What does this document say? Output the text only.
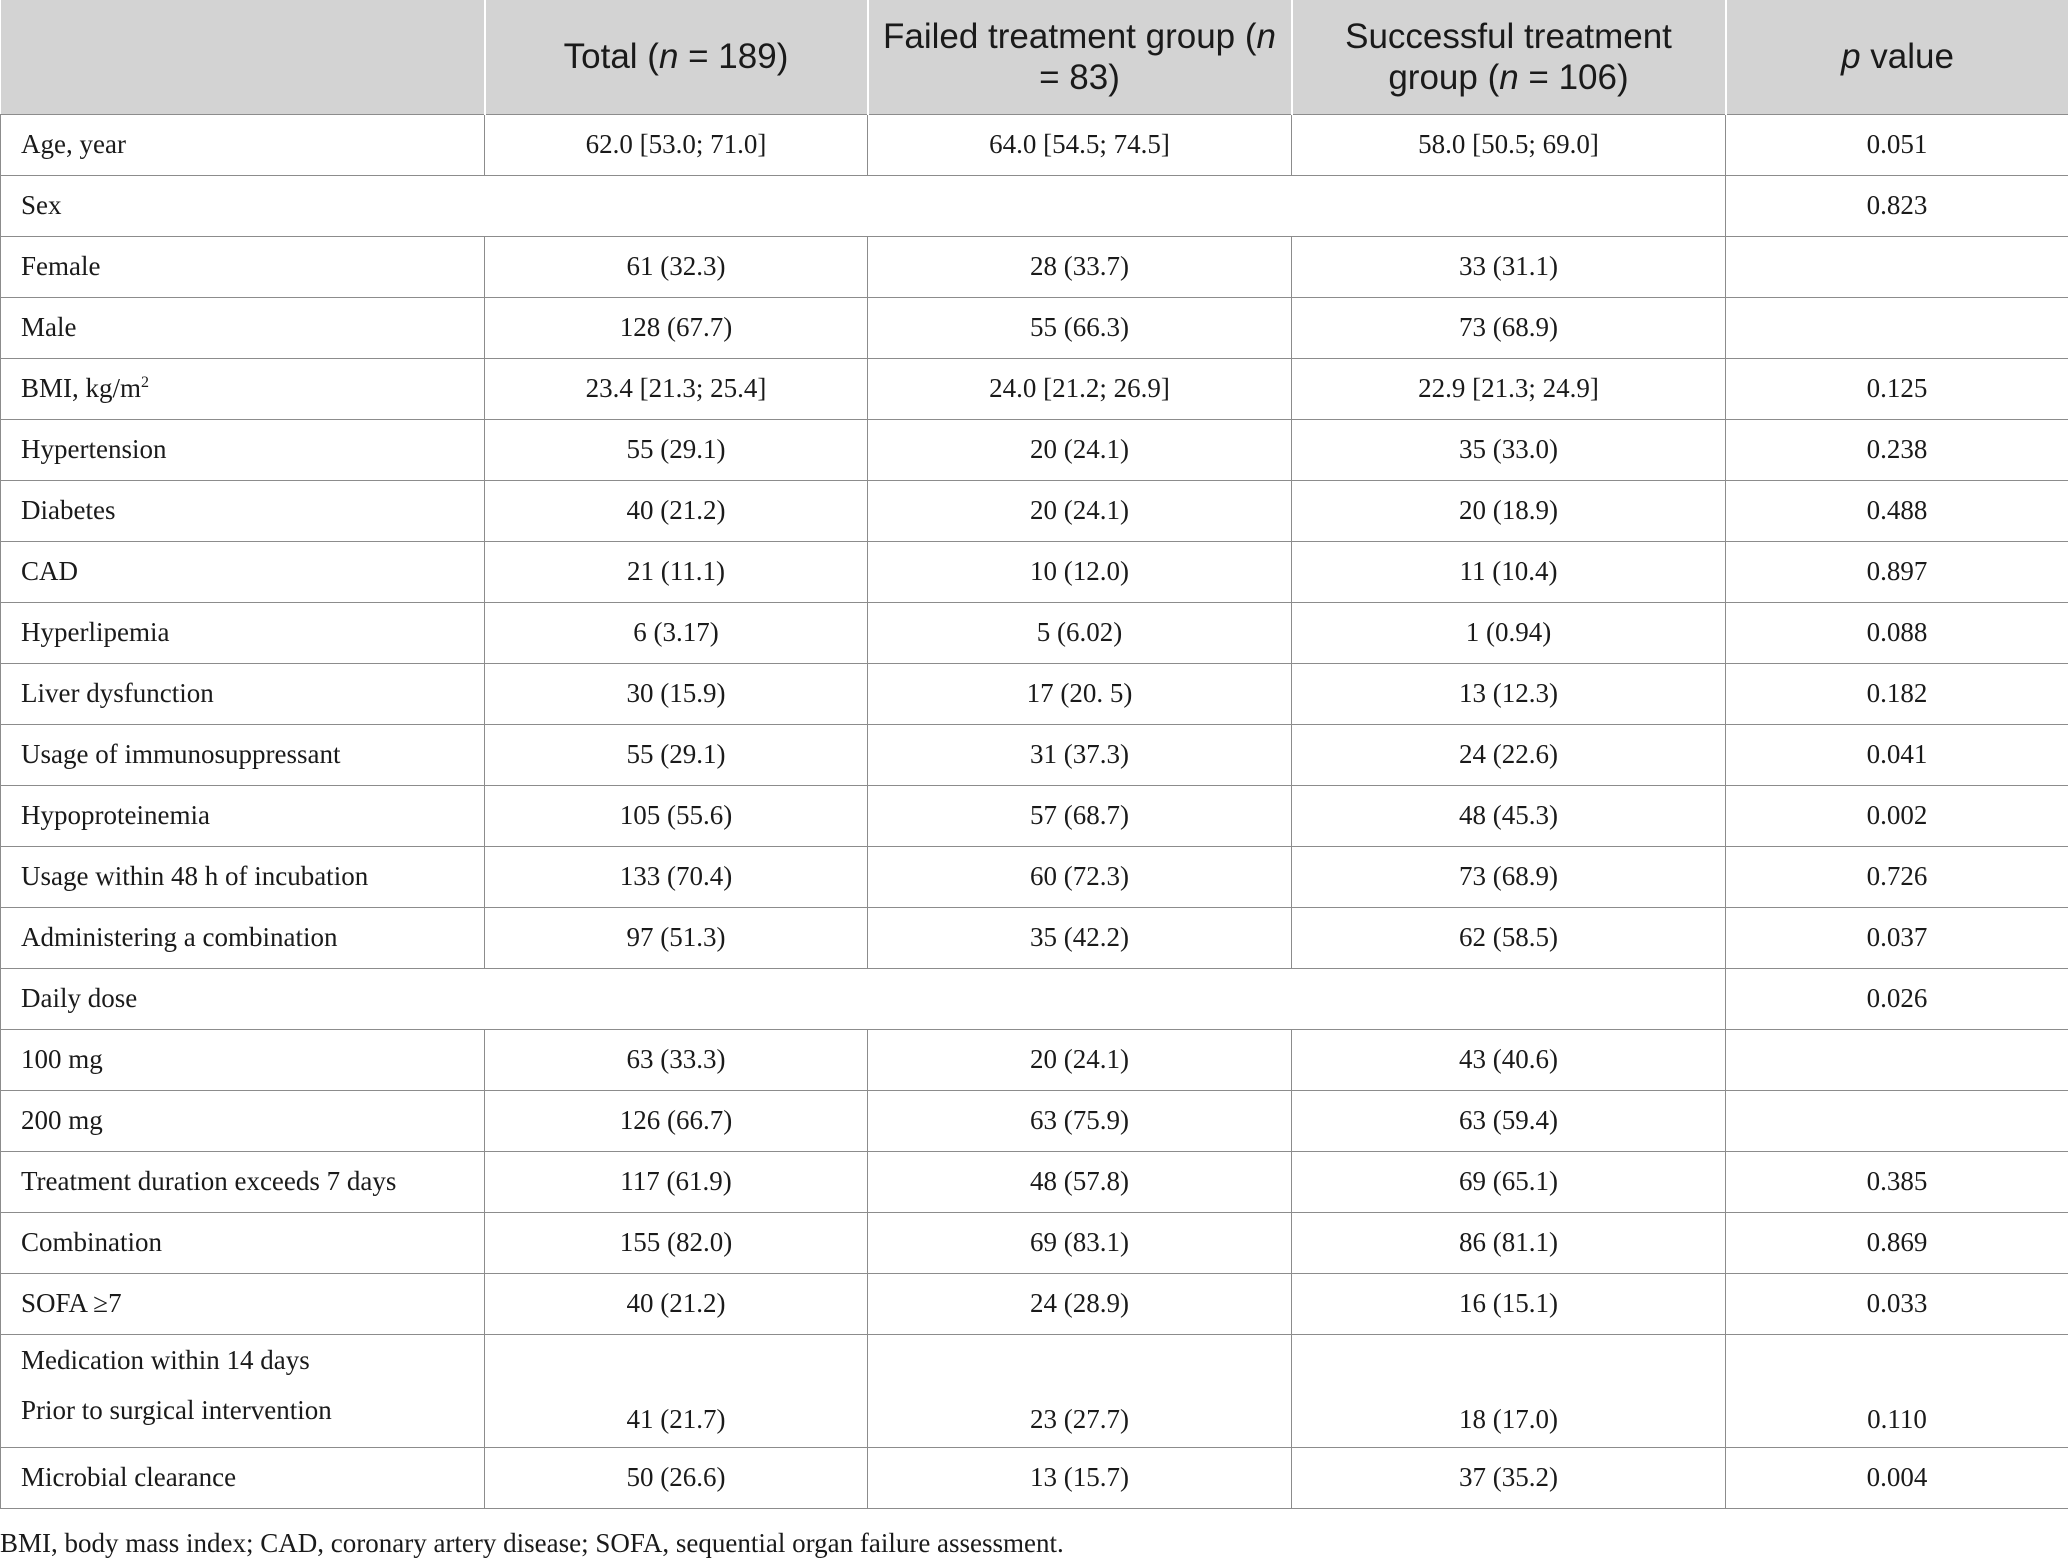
	Total (n = 189)	Failed treatment group (n = 83)	Successful treatment group (n = 106)	p value
Age, year	62.0 [53.0; 71.0]	64.0 [54.5; 74.5]	58.0 [50.5; 69.0]	0.051
Sex				0.823
Female	61 (32.3)	28 (33.7)	33 (31.1)	
Male	128 (67.7)	55 (66.3)	73 (68.9)	
BMI, $kg/m^2$	23.4 [21.3; 25.4]	24.0 [21.2; 26.9]	22.9 [21.3; 24.9]	0.125
Hypertension	55 (29.1)	20 (24.1)	35 (33.0)	0.238
Diabetes	40 (21.2)	20 (24.1)	20 (18.9)	0.488
CAD	21 (11.1)	10 (12.0)	11 (10.4)	0.897
Hyperlipemia	6 (3.17)	5 (6.02)	1 (0.94)	0.088
Liver dysfunction	30 (15.9)	17 (20. 5)	13 (12.3)	0.182
Usage of immunosuppressant	55 (29.1)	31 (37.3)	24 (22.6)	0.041
Hypoproteinemia	105 (55.6)	57 (68.7)	48 (45.3)	0.002
Usage within 48 h of incubation	133 (70.4)	60 (72.3)	73 (68.9)	0.726
Administering a combination	97 (51.3)	35 (42.2)	62 (58.5)	0.037
Daily dose				0.026
100 mg	63 (33.3)	20 (24.1)	43 (40.6)	
200 mg	126 (66.7)	63 (75.9)	63 (59.4)	
Treatment duration exceeds 7 days	117 (61.9)	48 (57.8)	69 (65.1)	0.385
Combination	155 (82.0)	69 (83.1)	86 (81.1)	0.869
SOFA ≥7	40 (21.2)	24 (28.9)	16 (15.1)	0.033

Medication within 14 days
Prior to surgical intervention	41 (21.7)	23 (27.7)	18 (17.0)	0.110
Microbial clearance	50 (26.6)	13 (15.7)	37 (35.2)	0.004
BMI, body mass index; CAD, coronary artery disease; SOFA, sequential organ failure assessment.
